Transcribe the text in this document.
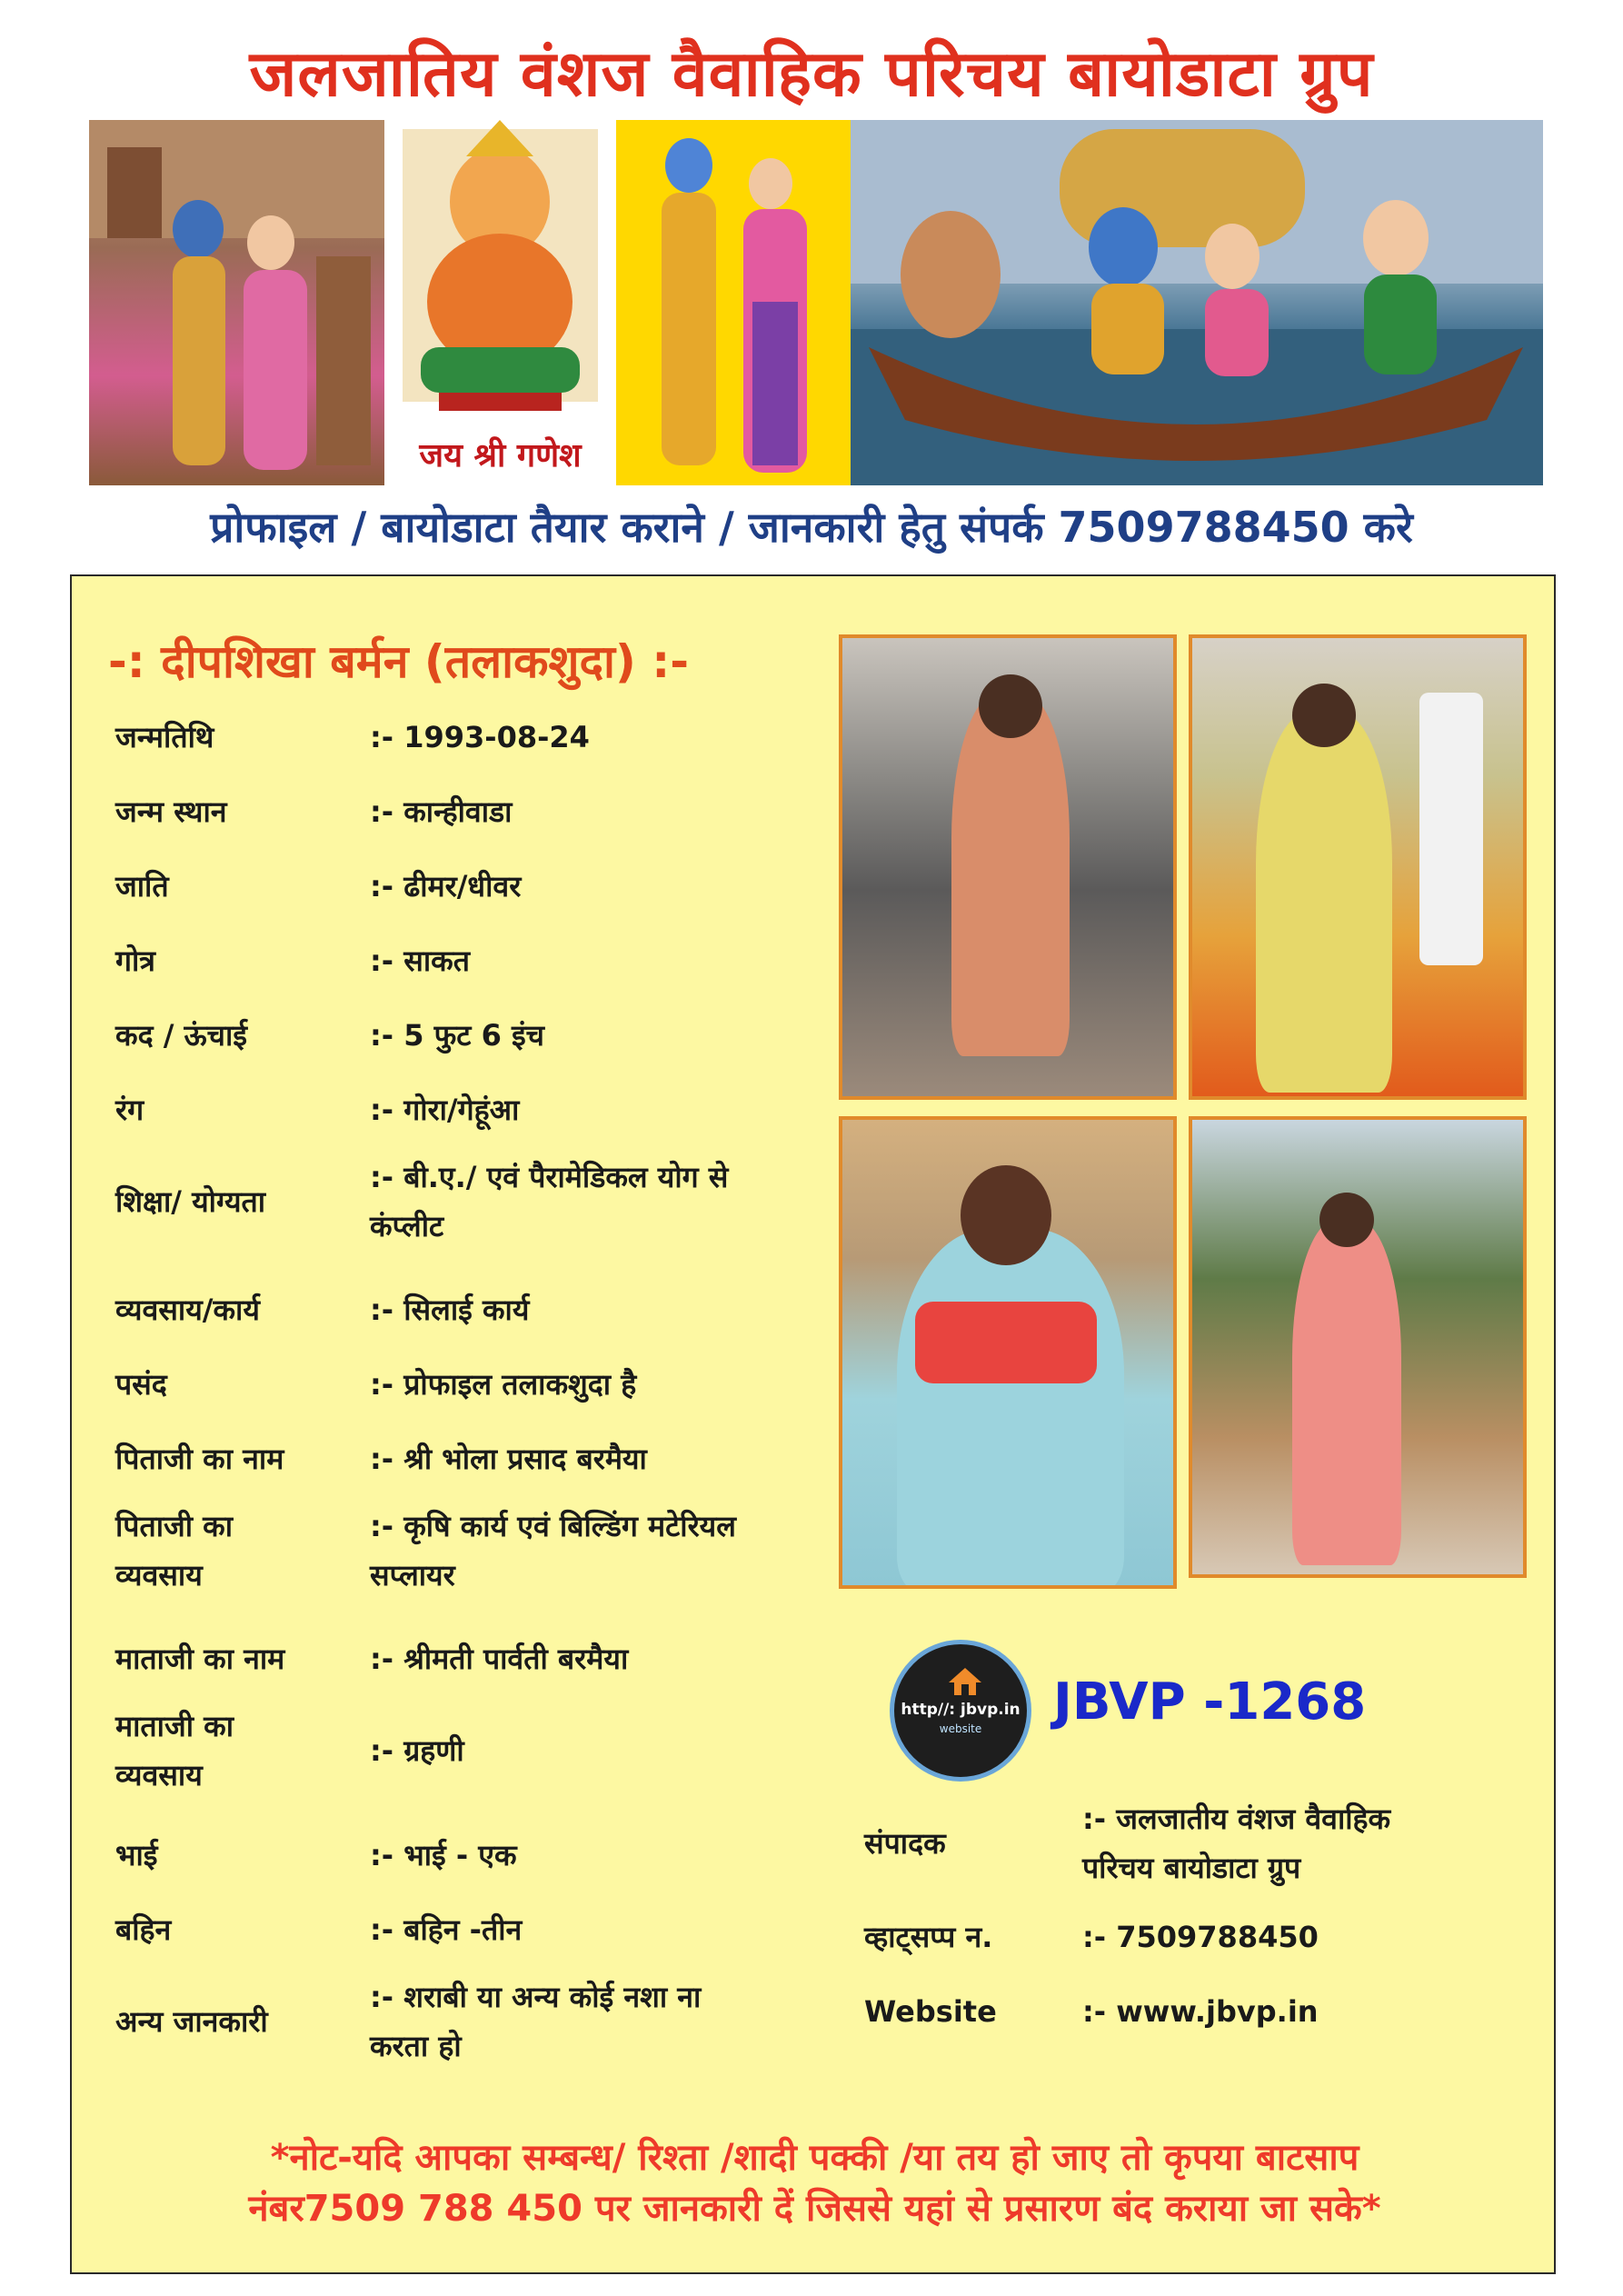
जलजातिय वंशज वैवाहिक परिचय बायोडाटा ग्रुप
जय श्री गणेश
प्रोफाइल / बायोडाटा तैयार कराने / जानकारी हेतु संपर्क 7509788450 करे
-: दीपशिखा बर्मन (तलाकशुदा) :-
जन्मतिथि	:- 1993-08-24
जन्म स्थान	:- कान्हीवाडा
जाति	:- ढीमर/धीवर
गोत्र	:- साकत
कद / ऊंचाई	:- 5 फुट 6 इंच
रंग	:- गोरा/गेहूंआ
शिक्षा/ योग्यता
:- बी.ए./ एवं पैरामेडिकल योग से
कंप्लीट
व्यवसाय/कार्य	:- सिलाई कार्य
पसंद	:- प्रोफाइल तलाकशुदा है
पिताजी का नाम	:- श्री भोला प्रसाद बरमैया
पिताजी का
व्यवसाय
:- कृषि कार्य एवं बिल्डिंग मटेरियल
सप्लायर
माताजी का नाम	:- श्रीमती पार्वती बरमैया
माताजी का
व्यवसाय
:- ग्रहणी
भाई	:- भाई - एक
बहिन	:- बहिन -तीन
अन्य जानकारी
:- शराबी या अन्य कोई नशा ना
करता हो
http//: jbvp.in
website	JBVP -1268
संपादक
:- जलजातीय वंशज वैवाहिक
परिचय बायोडाटा ग्रुप
व्हाट्सप्प न.	:- 7509788450
Website	:- www.jbvp.in
*नोट-यदि आपका सम्बन्ध/ रिश्ता /शादी पक्की /या तय हो जाए तो कृपया बाटसाप
नंबर7509 788 450 पर जानकारी दें जिससे यहां से प्रसारण बंद कराया जा सके*
